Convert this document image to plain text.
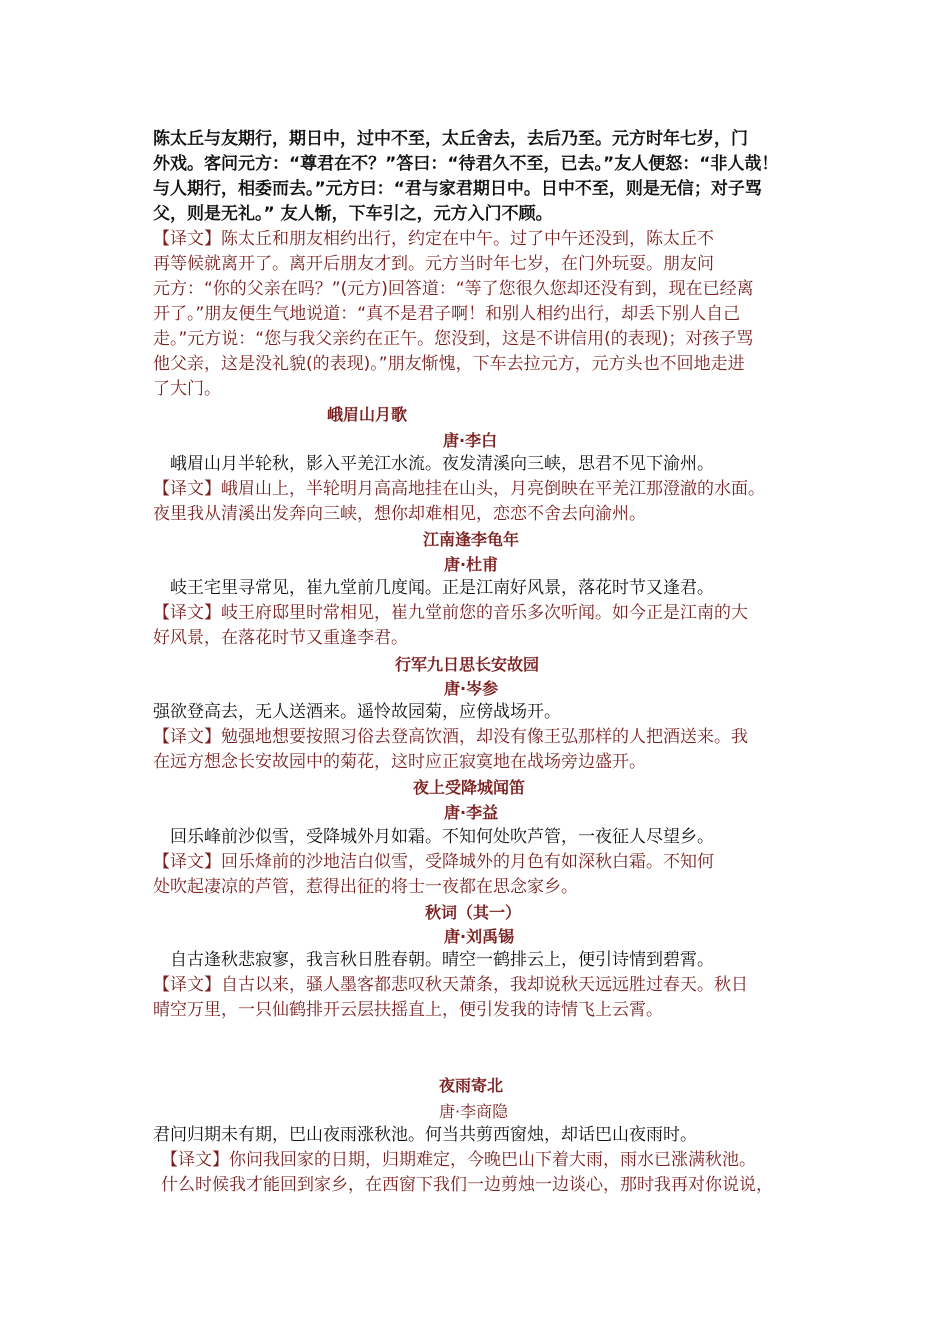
陈太丘与友期行，期日中，过中不至，太丘舍去，去后乃至。元方时年七岁，门
外戏。客问元方：“尊君在不？”答曰：“待君久不至，已去。”友人便怒：“非人哉！
与人期行，相委而去。”元方曰：“君与家君期日中。日中不至，则是无信；对子骂
父，则是无礼。” 友人惭，下车引之，元方入门不顾。
【译文】陈太丘和朋友相约出行，约定在中午。过了中午还没到，陈太丘不
再等候就离开了。离开后朋友才到。元方当时年七岁，在门外玩耍。朋友问
元方：“你的父亲在吗？”(元方)回答道：“等了您很久您却还没有到，现在已经离
开了。”朋友便生气地说道：“真不是君子啊！和别人相约出行，却丢下别人自己
走。”元方说：“您与我父亲约在正午。您没到，这是不讲信用(的表现)；对孩子骂
他父亲，这是没礼貌(的表现)。”朋友惭愧，下车去拉元方，元方头也不回地走进
了大门。
峨眉山月歌
唐·李白
　峨眉山月半轮秋，影入平羌江水流。夜发清溪向三峡，思君不见下渝州。
【译文】峨眉山上，半轮明月高高地挂在山头，月亮倒映在平羌江那澄澈的水面。
夜里我从清溪出发奔向三峡，想你却难相见，恋恋不舍去向渝州。
江南逢李龟年
唐·杜甫
　岐王宅里寻常见，崔九堂前几度闻。正是江南好风景，落花时节又逢君。
【译文】岐王府邸里时常相见，崔九堂前您的音乐多次听闻。如今正是江南的大
好风景，在落花时节又重逢李君。
行军九日思长安故园
唐·岑参
强欲登高去，无人送酒来。遥怜故园菊，应傍战场开。
【译文】勉强地想要按照习俗去登高饮酒，却没有像王弘那样的人把酒送来。我
在远方想念长安故园中的菊花，这时应正寂寞地在战场旁边盛开。
夜上受降城闻笛
唐·李益
　回乐峰前沙似雪，受降城外月如霜。不知何处吹芦管，一夜征人尽望乡。
【译文】回乐烽前的沙地洁白似雪，受降城外的月色有如深秋白霜。不知何
处吹起凄凉的芦管，惹得出征的将士一夜都在思念家乡。
秋词（其一）
唐·刘禹锡
　自古逢秋悲寂寥，我言秋日胜春朝。晴空一鹤排云上，便引诗情到碧霄。
【译文】自古以来，骚人墨客都悲叹秋天萧条，我却说秋天远远胜过春天。秋日
晴空万里，一只仙鹤排开云层扶摇直上，便引发我的诗情飞上云霄。
夜雨寄北
唐·李商隐
君问归期未有期，巴山夜雨涨秋池。何当共剪西窗烛，却话巴山夜雨时。
【译文】你问我回家的日期，归期难定，今晚巴山下着大雨，雨水已涨满秋池。
什么时候我才能回到家乡，在西窗下我们一边剪烛一边谈心，那时我再对你说说，
